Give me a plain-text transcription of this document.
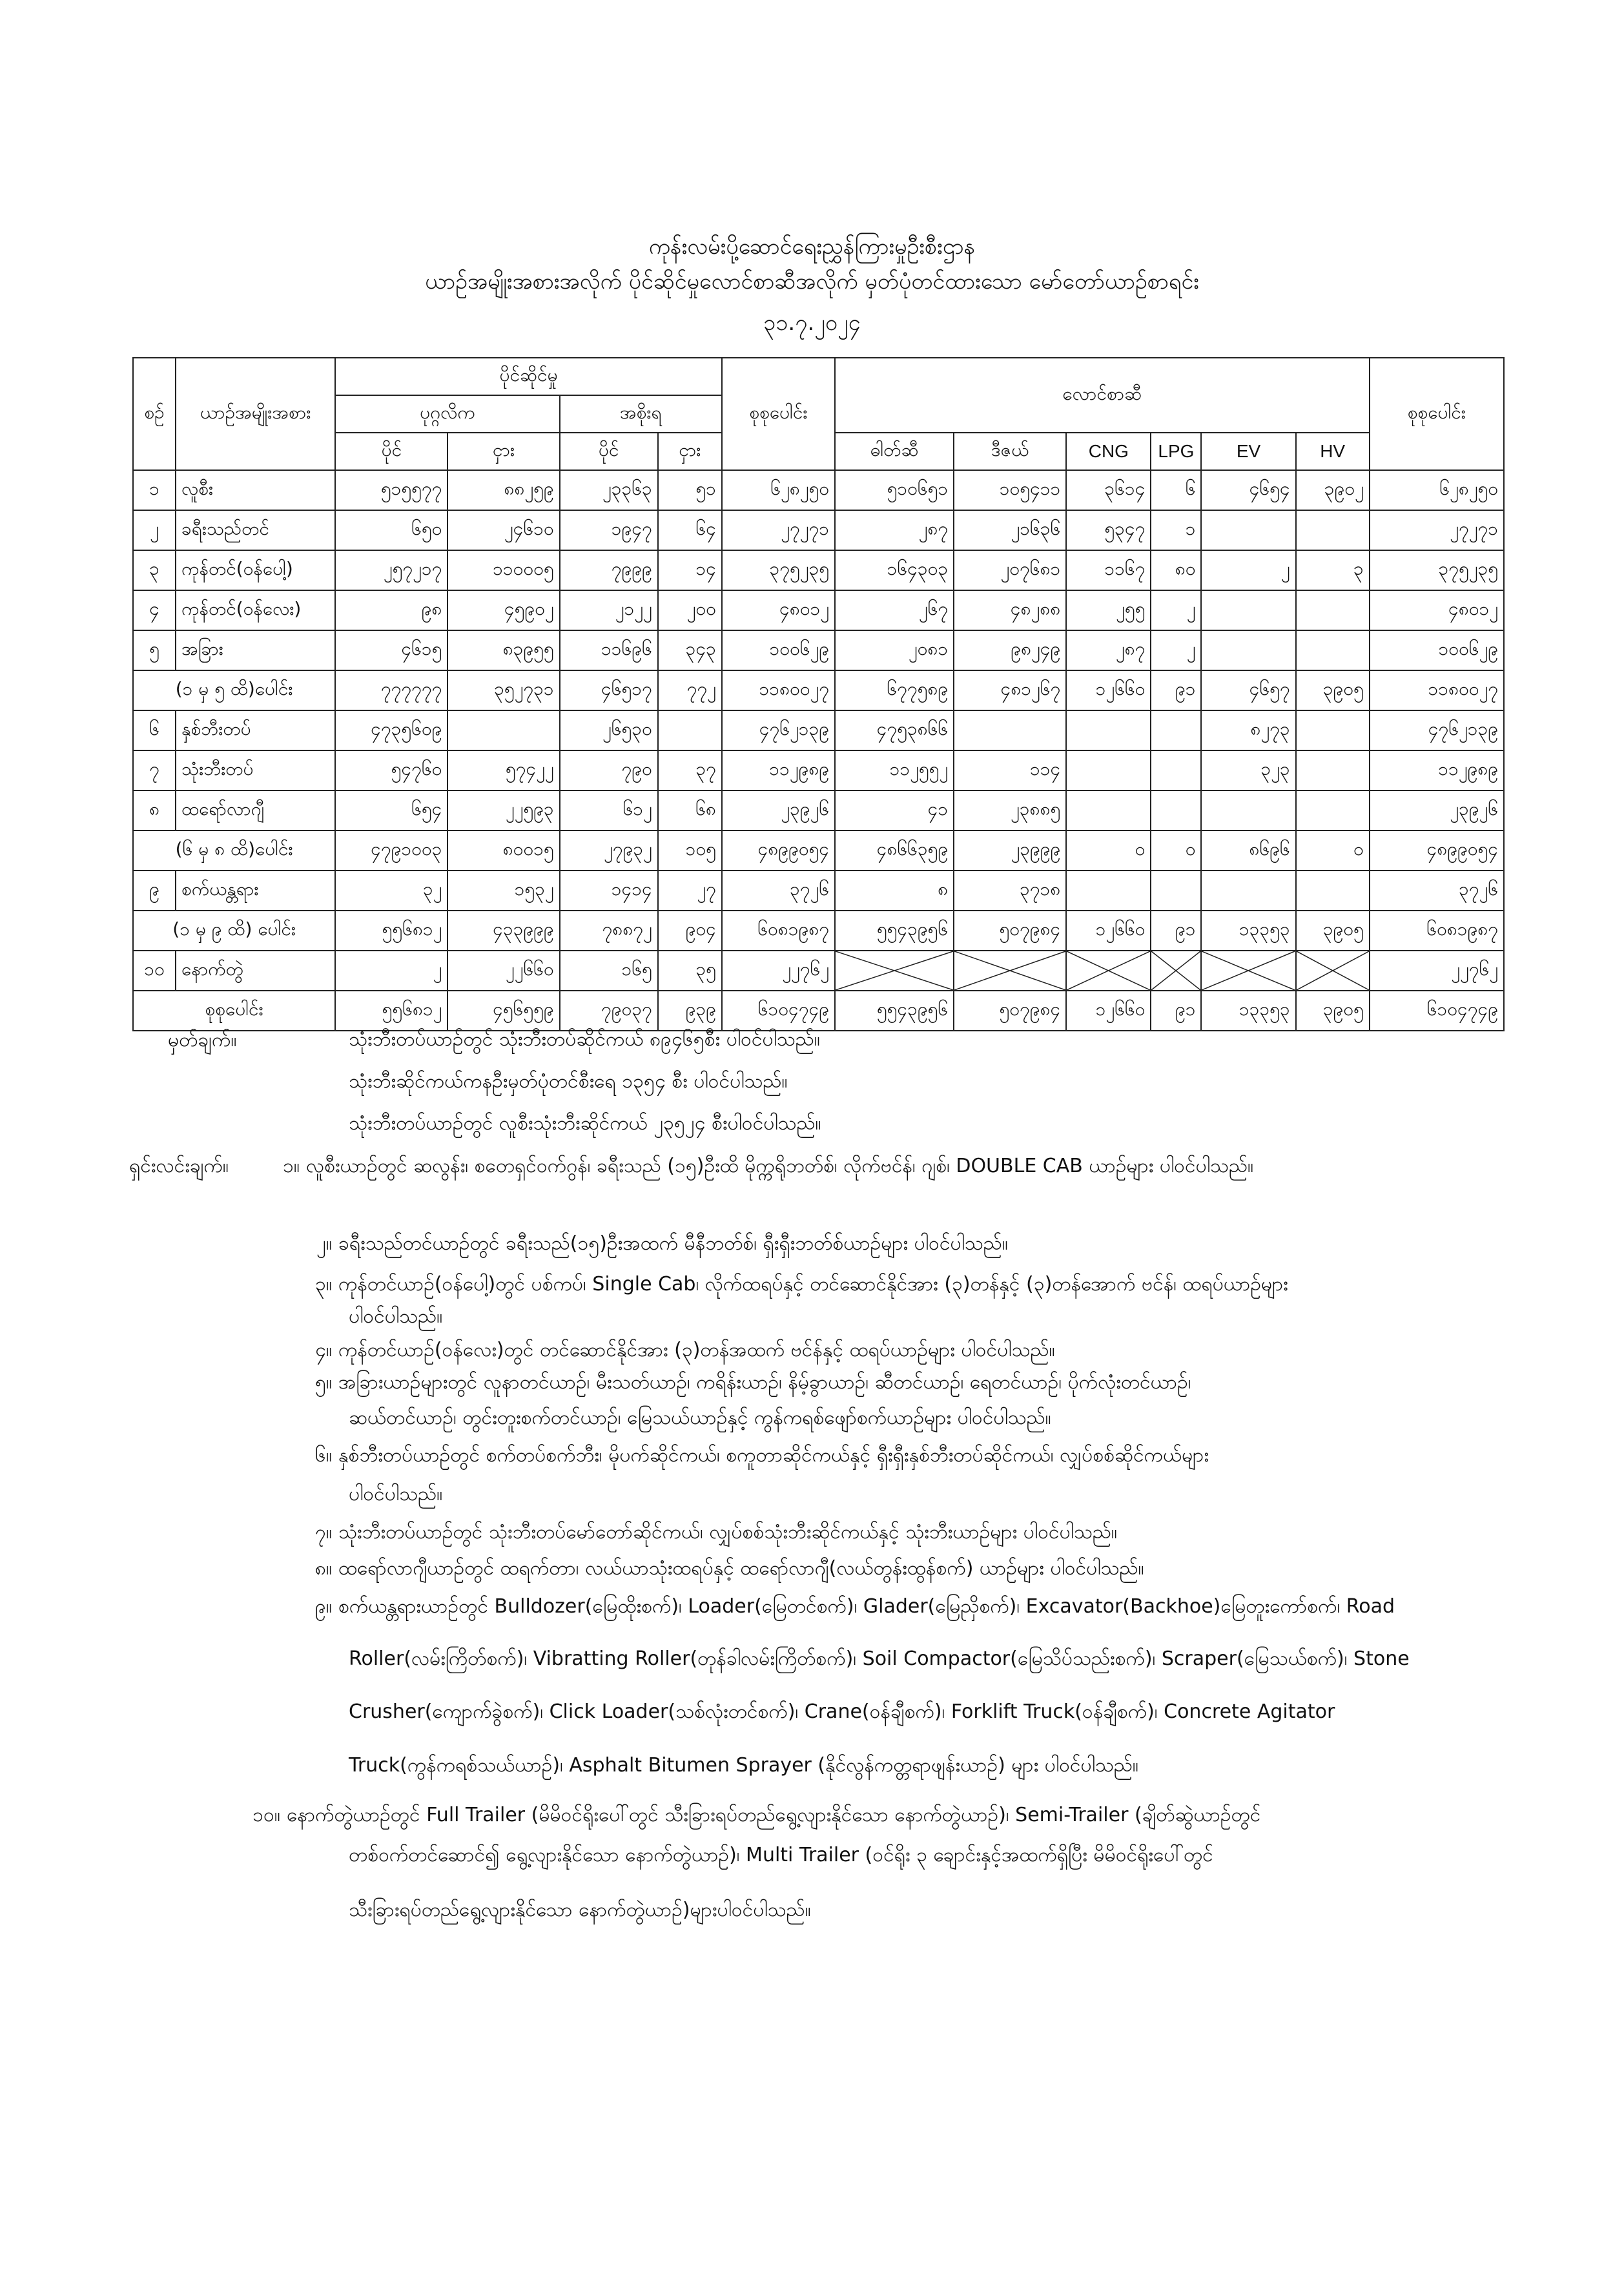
ကုန်းလမ်းပို့ဆောင်ရေးညွှန်ကြားမှုဦးစီးဌာန
ယာဉ်အမျိုးအစားအလိုက် ပိုင်ဆိုင်မှုလောင်စာဆီအလိုက် မှတ်ပုံတင်ထားသော မော်တော်ယာဉ်စာရင်း
၃၁.၇.၂၀၂၄
စဉ်	ယာဉ်အမျိုးအစား	ပိုင်ဆိုင်မှု				စုစုပေါင်း	လောင်စာဆီ						စုစုပေါင်း
		ပုဂ္ဂလိက		အစိုးရ									
		ပိုင်	ငှား	ပိုင်	ငှား		ဓါတ်ဆီ	ဒီဇယ်	CNG	LPG	EV	HV	
၁	လူစီး	၅၁၅၅၇၇	၈၈၂၅၉	၂၃၃၆၃	၅၁	၆၂၈၂၅၀	၅၁၀၆၅၁	၁၀၅၄၁၁	၃၆၁၄	၆	၄၆၅၄	၃၉၀၂	၆၂၈၂၅၀
၂	ခရီးသည်တင်	၆၅၀	၂၄၆၁၀	၁၉၄၇	၆၄	၂၇၂၇၁	၂၈၇	၂၁၆၃၆	၅၃၄၇	၁			၂၇၂၇၁
၃	ကုန်တင်(ဝန်ပေါ့)	၂၅၇၂၁၇	၁၁၀၀၀၅	၇၉၉၉	၁၄	၃၇၅၂၃၅	၁၆၄၃၀၃	၂၀၇၆၈၁	၁၁၆၇	၈၀	၂	၃	၃၇၅၂၃၅
၄	ကုန်တင်(ဝန်လေး)	၉၈	၄၅၉၀၂	၂၁၂၂	၂၀၀	၄၈၀၁၂	၂၆၇	၄၈၂၈၈	၂၅၅	၂			၄၈၀၁၂
၅	အခြား	၄၆၁၅	၈၃၉၅၅	၁၁၆၉၆	၃၄၃	၁၀၀၆၂၉	၂၀၈၁	၉၈၂၄၉	၂၈၇	၂			၁၀၀၆၂၉
(၁ မှ ၅ ထိ)ပေါင်း		၇၇၇၇၇၇	၃၅၂၇၃၁	၄၆၅၁၇	၇၇၂	၁၁၈၀၀၂၇	၆၇၇၅၈၉	၄၈၁၂၆၇	၁၂၆၆၀	၉၁	၄၆၅၇	၃၉၀၅	၁၁၈၀၀၂၇
၆	နှစ်ဘီးတပ်	၄၇၃၅၆၀၉		၂၆၅၃၀		၄၇၆၂၁၃၉	၄၇၅၃၈၆၆				၈၂၇၃		၄၇၆၂၁၃၉
၇	သုံးဘီးတပ်	၅၄၇၆၀	၅၇၄၂၂	၇၉၀	၃၇	၁၁၂၉၈၉	၁၁၂၅၅၂	၁၁၄			၃၂၃		၁၁၂၉၈၉
၈	ထရော်လာဂျီ	၆၅၄	၂၂၅၉၃	၆၁၂	၆၈	၂၃၉၂၆	၄၁	၂၃၈၈၅					၂၃၉၂၆
(၆ မှ ၈ ထိ)ပေါင်း		၄၇၉၁၀၀၃	၈၀၀၁၅	၂၇၉၃၂	၁၀၅	၄၈၉၉၀၅၄	၄၈၆၆၃၅၉	၂၃၉၉၉	၀	၀	၈၆၉၆	၀	၄၈၉၉၀၅၄
၉	စက်ယန္တရား	၃၂	၁၅၃၂	၁၄၁၄	၂၇	၃၇၂၆	၈	၃၇၁၈					၃၇၂၆
(၁ မှ ၉ ထိ) ပေါင်း		၅၅၆၈၁၂	၄၃၃၉၉၉	၇၈၈၇၂	၉၀၄	၆၀၈၁၉၈၇	၅၅၄၃၉၅၆	၅၀၇၉၈၄	၁၂၆၆၀	၉၁	၁၃၃၅၃	၃၉၀၅	၆၀၈၁၉၈၇
၁၀	နောက်တွဲ	၂	၂၂၆၆၀	၁၆၅	၃၅	၂၂၇၆၂							၂၂၇၆၂
စုစုပေါင်း		၅၅၆၈၁၂	၄၅၆၅၅၉	၇၉၀၃၇	၉၃၉	၆၁၀၄၇၄၉	၅၅၄၃၉၅၆	၅၀၇၉၈၄	၁၂၆၆၀	၉၁	၁၃၃၅၃	၃၉၀၅	၆၁၀၄၇၄၉
မှတ်ချက်။	သုံးဘီးတပ်ယာဉ်တွင် သုံးဘီးတပ်ဆိုင်ကယ် ၈၉၄၆၅စီး ပါဝင်ပါသည်။
သုံးဘီးဆိုင်ကယ်ကနဦးမှတ်ပုံတင်စီးရေ ၁၃၅၄ စီး ပါဝင်ပါသည်။
သုံးဘီးတပ်ယာဉ်တွင် လူစီးသုံးဘီးဆိုင်ကယ် ၂၃၅၂၄ စီးပါဝင်ပါသည်။
ရှင်းလင်းချက်။	၁။ လူစီးယာဉ်တွင် ဆလွန်း၊ စတေရှင်ဝက်ဂွန်၊ ခရီးသည် (၁၅)ဦးထိ မိုက္ကရိုဘတ်စ်၊ လိုက်ဗင်န်၊ ဂျစ်၊ DOUBLE CAB ယာဉ်များ ပါဝင်ပါသည်။
၂။ ခရီးသည်တင်ယာဉ်တွင် ခရီးသည်(၁၅)ဦးအထက် မီနီဘတ်စ်၊ ရှီးရှီးဘတ်စ်ယာဉ်များ ပါဝင်ပါသည်။
၃။ ကုန်တင်ယာဉ်(ဝန်ပေါ့)တွင် ပစ်ကပ်၊ Single Cab၊ လိုက်ထရပ်နှင့် တင်ဆောင်နိုင်အား (၃)တန်နှင့် (၃)တန်အောက် ဗင်န်၊ ထရပ်ယာဉ်များ
ပါဝင်ပါသည်။
၄။ ကုန်တင်ယာဉ်(ဝန်လေး)တွင် တင်ဆောင်နိုင်အား (၃)တန်အထက် ဗင်န်နှင့် ထရပ်ယာဉ်များ ပါဝင်ပါသည်။
၅။ အခြားယာဉ်များတွင် လူနာတင်ယာဉ်၊ မီးသတ်ယာဉ်၊ ကရိန်းယာဉ်၊ နိမ့်ခွာယာဉ်၊ ဆီတင်ယာဉ်၊ ရေတင်ယာဉ်၊ ပိုက်လုံးတင်ယာဉ်၊
ဆယ်တင်ယာဉ်၊ တွင်းတူးစက်တင်ယာဉ်၊ မြေသယ်ယာဉ်နှင့် ကွန်ကရစ်ဖျော်စက်ယာဉ်များ ပါဝင်ပါသည်။
၆။ နှစ်ဘီးတပ်ယာဉ်တွင် စက်တပ်စက်ဘီး၊ မိုပက်ဆိုင်ကယ်၊ စကူတာဆိုင်ကယ်နှင့် ရှီးရှီးနှစ်ဘီးတပ်ဆိုင်ကယ်၊ လျှပ်စစ်ဆိုင်ကယ်များ
ပါဝင်ပါသည်။
၇။ သုံးဘီးတပ်ယာဉ်တွင် သုံးဘီးတပ်မော်တော်ဆိုင်ကယ်၊ လျှပ်စစ်သုံးဘီးဆိုင်ကယ်နှင့် သုံးဘီးယာဉ်များ ပါဝင်ပါသည်။
၈။ ထရော်လာဂျီယာဉ်တွင် ထရက်တာ၊ လယ်ယာသုံးထရပ်နှင့် ထရော်လာဂျီ(လယ်တွန်းထွန်စက်) ယာဉ်များ ပါဝင်ပါသည်။
၉။ စက်ယန္တရားယာဉ်တွင် Bulldozer(မြေထိုးစက်)၊ Loader(မြေတင်စက်)၊ Glader(မြေညှိစက်)၊ Excavator(Backhoe)မြေတူးကော်စက်၊ Road
Roller(လမ်းကြိတ်စက်)၊ Vibratting Roller(တုန်ခါလမ်းကြိတ်စက်)၊ Soil Compactor(မြေသိပ်သည်းစက်)၊ Scraper(မြေသယ်စက်)၊ Stone
Crusher(ကျောက်ခွဲစက်)၊ Click Loader(သစ်လုံးတင်စက်)၊ Crane(ဝန်ချီစက်)၊ Forklift Truck(ဝန်ချီစက်)၊ Concrete Agitator
Truck(ကွန်ကရစ်သယ်ယာဉ်)၊ Asphalt Bitumen Sprayer (နိုင်လွန်ကတ္တရာဖျန်းယာဉ်) များ ပါဝင်ပါသည်။
၁၀။ နောက်တွဲယာဉ်တွင် Full Trailer (မိမိဝင်ရိုးပေါ်တွင် သီးခြားရပ်တည်ရွေ့လျားနိုင်သော နောက်တွဲယာဉ်)၊ Semi-Trailer (ချိတ်ဆွဲယာဉ်တွင်
တစ်ဝက်တင်ဆောင်၍ ရွေ့လျားနိုင်သော နောက်တွဲယာဉ်)၊ Multi Trailer (ဝင်ရိုး ၃ ချောင်းနှင့်အထက်ရှိပြီး မိမိဝင်ရိုးပေါ်တွင်
သီးခြားရပ်တည်ရွေ့လျားနိုင်သော နောက်တွဲယာဉ်)များပါဝင်ပါသည်။
